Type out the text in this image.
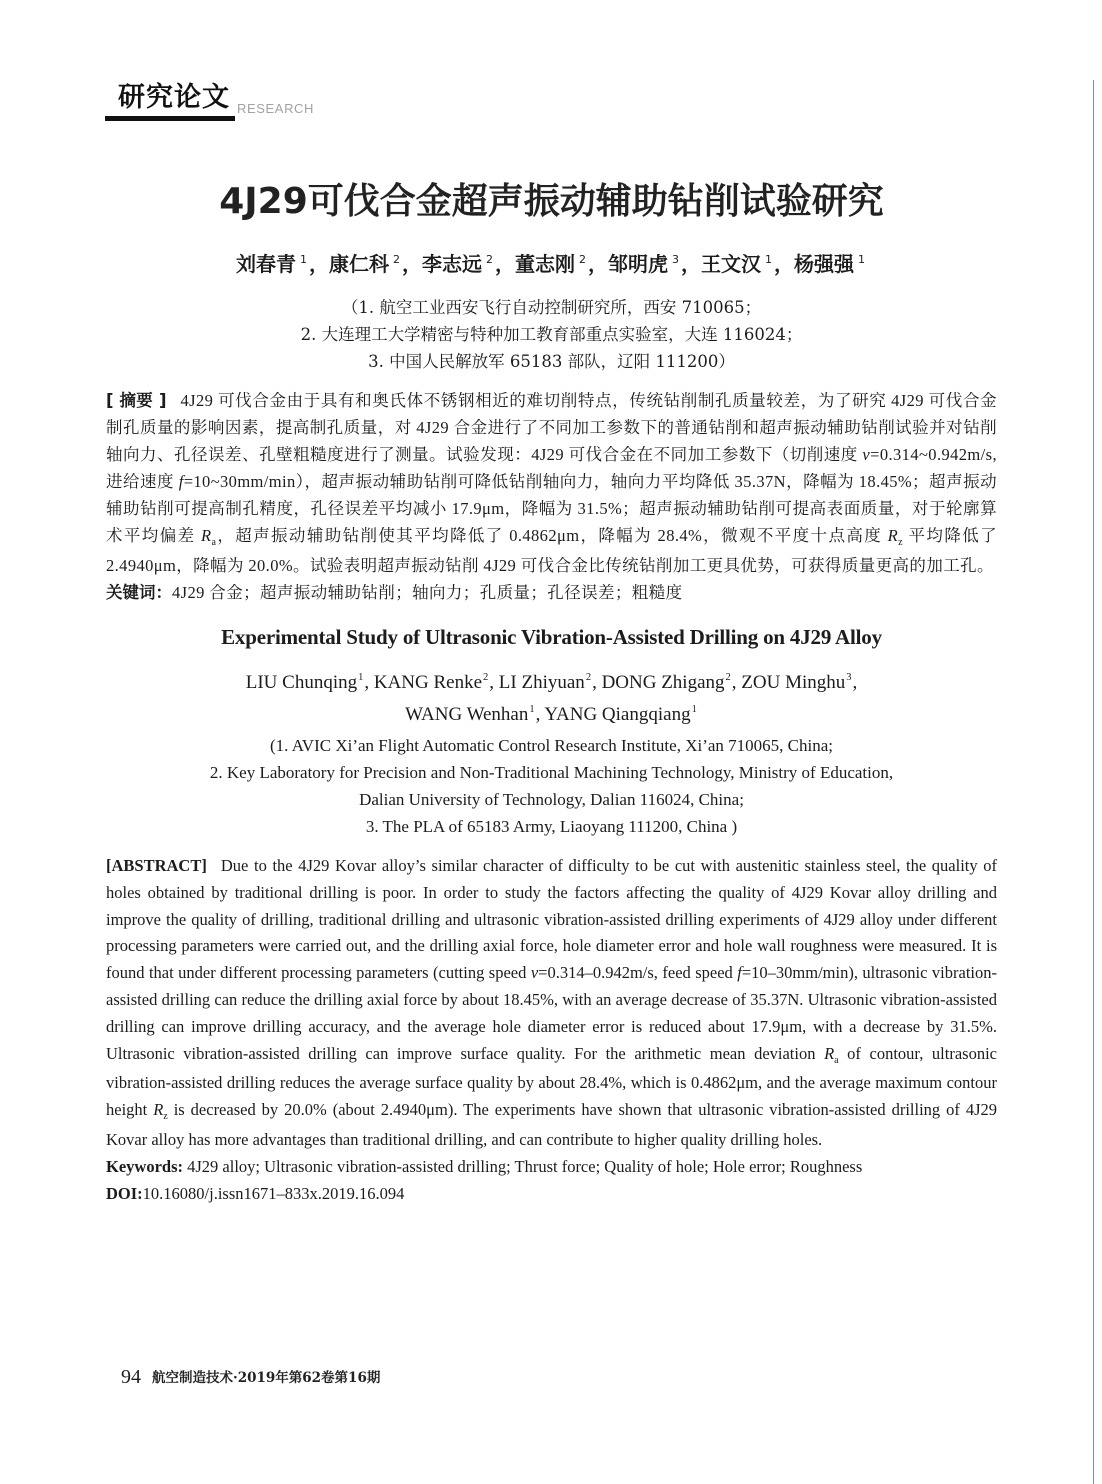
研究论文 RESEARCH
4J29可伐合金超声振动辅助钻削试验研究
刘春青 $^1$ ，康仁科 $^2$ ，李志远 $^2$ ，董志刚 $^2$ ，邹明虎 $^3$ ，王文汉 $^1$ ，杨强强 $^1$
（1. 航空工业西安飞行自动控制研究所，西安 710065；
2. 大连理工大学精密与特种加工教育部重点实验室，大连 116024；
3. 中国人民解放军 65183 部队，辽阳 111200）

[ 摘要 ] 4J29 可伐合金由于具有和奥氏体不锈钢相近的难切削特点，传统钻削制孔质量较差，为了研究 4J29 可伐合金制孔质量的影响因素，提高制孔质量，对 4J29 合金进行了不同加工参数下的普通钻削和超声振动辅助钻削试验并对钻削轴向力、孔径误差、孔壁粗糙度进行了测量。试验发现：4J29 可伐合金在不同加工参数下（切削速度 v=0.314~0.942m/s, 进给速度 f=10~30mm/min），超声振动辅助钻削可降低钻削轴向力，轴向力平均降低 35.37N，降幅为 18.45%；超声振动辅助钻削可提高制孔精度，孔径误差平均减小 17.9μm，降幅为 31.5%；超声振动辅助钻削可提高表面质量，对于轮廓算术平均偏差 $R_a$，超声振动辅助钻削使其平均降低了 0.4862μm，降幅为 28.4%，微观不平度十点高度 $R_z$ 平均降低了 2.4940μm，降幅为 20.0%。试验表明超声振动钻削 4J29 可伐合金比传统钻削加工更具优势，可获得质量更高的加工孔。

关键词：4J29 合金；超声振动辅助钻削；轴向力；孔质量；孔径误差；粗糙度

Experimental Study of Ultrasonic Vibration-Assisted Drilling on 4J29 Alloy
LIU Chunqing$^1$, KANG Renke$^2$, LI Zhiyuan$^2$, DONG Zhigang$^2$, ZOU Minghu$^3$,
WANG Wenhan$^1$, YANG Qiangqiang$^1$
(1. AVIC Xi’an Flight Automatic Control Research Institute, Xi’an 710065, China;
2. Key Laboratory for Precision and Non-Traditional Machining Technology, Ministry of Education,
Dalian University of Technology, Dalian 116024, China;
3. The PLA of 65183 Army, Liaoyang 111200, China )

[ABSTRACT] Due to the 4J29 Kovar alloy’s similar character of difficulty to be cut with austenitic stainless steel, the quality of holes obtained by traditional drilling is poor. In order to study the factors affecting the quality of 4J29 Kovar alloy drilling and improve the quality of drilling, traditional drilling and ultrasonic vibration-assisted drilling experiments of 4J29 alloy under different processing parameters were carried out, and the drilling axial force, hole diameter error and hole wall roughness were measured. It is found that under different processing parameters (cutting speed v=0.314–0.942m/s, feed speed f=10–30mm/min), ultrasonic vibration-assisted drilling can reduce the drilling axial force by about 18.45%, with an average decrease of 35.37N. Ultrasonic vibration-assisted drilling can improve drilling accuracy, and the average hole diameter error is reduced about 17.9μm, with a decrease by 31.5%. Ultrasonic vibration-assisted drilling can improve surface quality. For the arithmetic mean deviation $R_a$ of contour, ultrasonic vibration-assisted drilling reduces the average surface quality by about 28.4%, which is 0.4862μm, and the average maximum contour height $R_z$ is decreased by 20.0% (about 2.4940μm). The experiments have shown that ultrasonic vibration-assisted drilling of 4J29 Kovar alloy has more advantages than traditional drilling, and can contribute to higher quality drilling holes.

Keywords: 4J29 alloy; Ultrasonic vibration-assisted drilling; Thrust force; Quality of hole; Hole error; Roughness

DOI:10.16080/j.issn1671–833x.2019.16.094

94 航空制造技术·2019年第62卷第16期
